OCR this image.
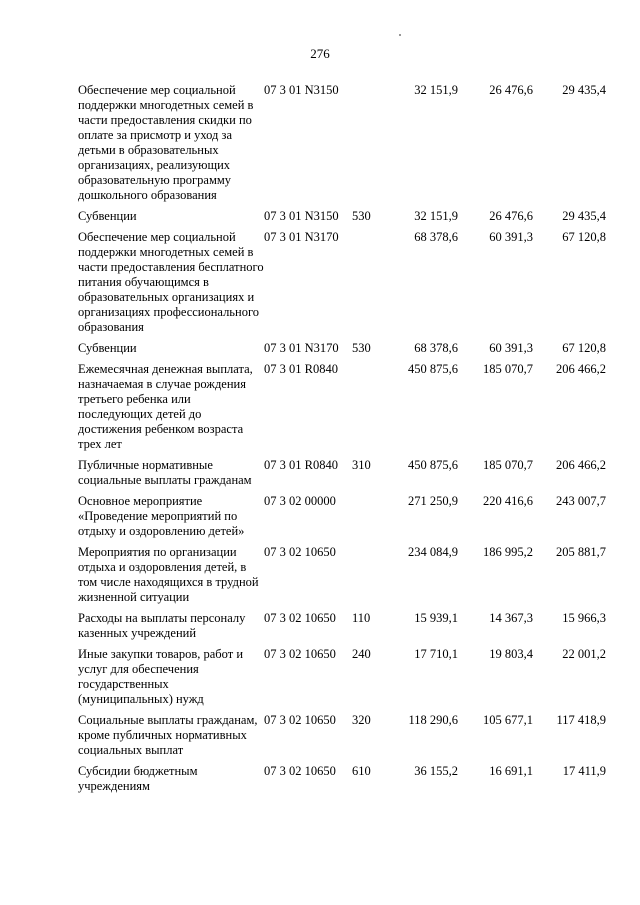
276
Обеспечение мер социальной поддержки многодетных семей в части предоставления скидки по оплате за присмотр и уход за детьми в образовательных организациях, реализующих образовательную программу дошкольного образования	07 3 01 N3150		32 151,9	26 476,6	29 435,4
Субвенции	07 3 01 N3150	530	32 151,9	26 476,6	29 435,4
Обеспечение мер социальной поддержки многодетных семей в части предоставления бесплатного питания обучающимся в образовательных организациях и организациях профессионального образования	07 3 01 N3170		68 378,6	60 391,3	67 120,8
Субвенции	07 3 01 N3170	530	68 378,6	60 391,3	67 120,8
Ежемесячная денежная выплата, назначаемая в случае рождения третьего ребенка или последующих детей до достижения ребенком возраста трех лет	07 3 01 R0840		450 875,6	185 070,7	206 466,2
Публичные нормативные социальные выплаты гражданам	07 3 01 R0840	310	450 875,6	185 070,7	206 466,2
Основное мероприятие «Проведение мероприятий по отдыху и оздоровлению детей»	07 3 02 00000		271 250,9	220 416,6	243 007,7
Мероприятия по организации отдыха и оздоровления детей, в том числе находящихся в трудной жизненной ситуации	07 3 02 10650		234 084,9	186 995,2	205 881,7
Расходы на выплаты персоналу казенных учреждений	07 3 02 10650	110	15 939,1	14 367,3	15 966,3
Иные закупки товаров, работ и услуг для обеспечения государственных (муниципальных) нужд	07 3 02 10650	240	17 710,1	19 803,4	22 001,2
Социальные выплаты гражданам, кроме публичных нормативных социальных выплат	07 3 02 10650	320	118 290,6	105 677,1	117 418,9
Субсидии бюджетным учреждениям	07 3 02 10650	610	36 155,2	16 691,1	17 411,9
